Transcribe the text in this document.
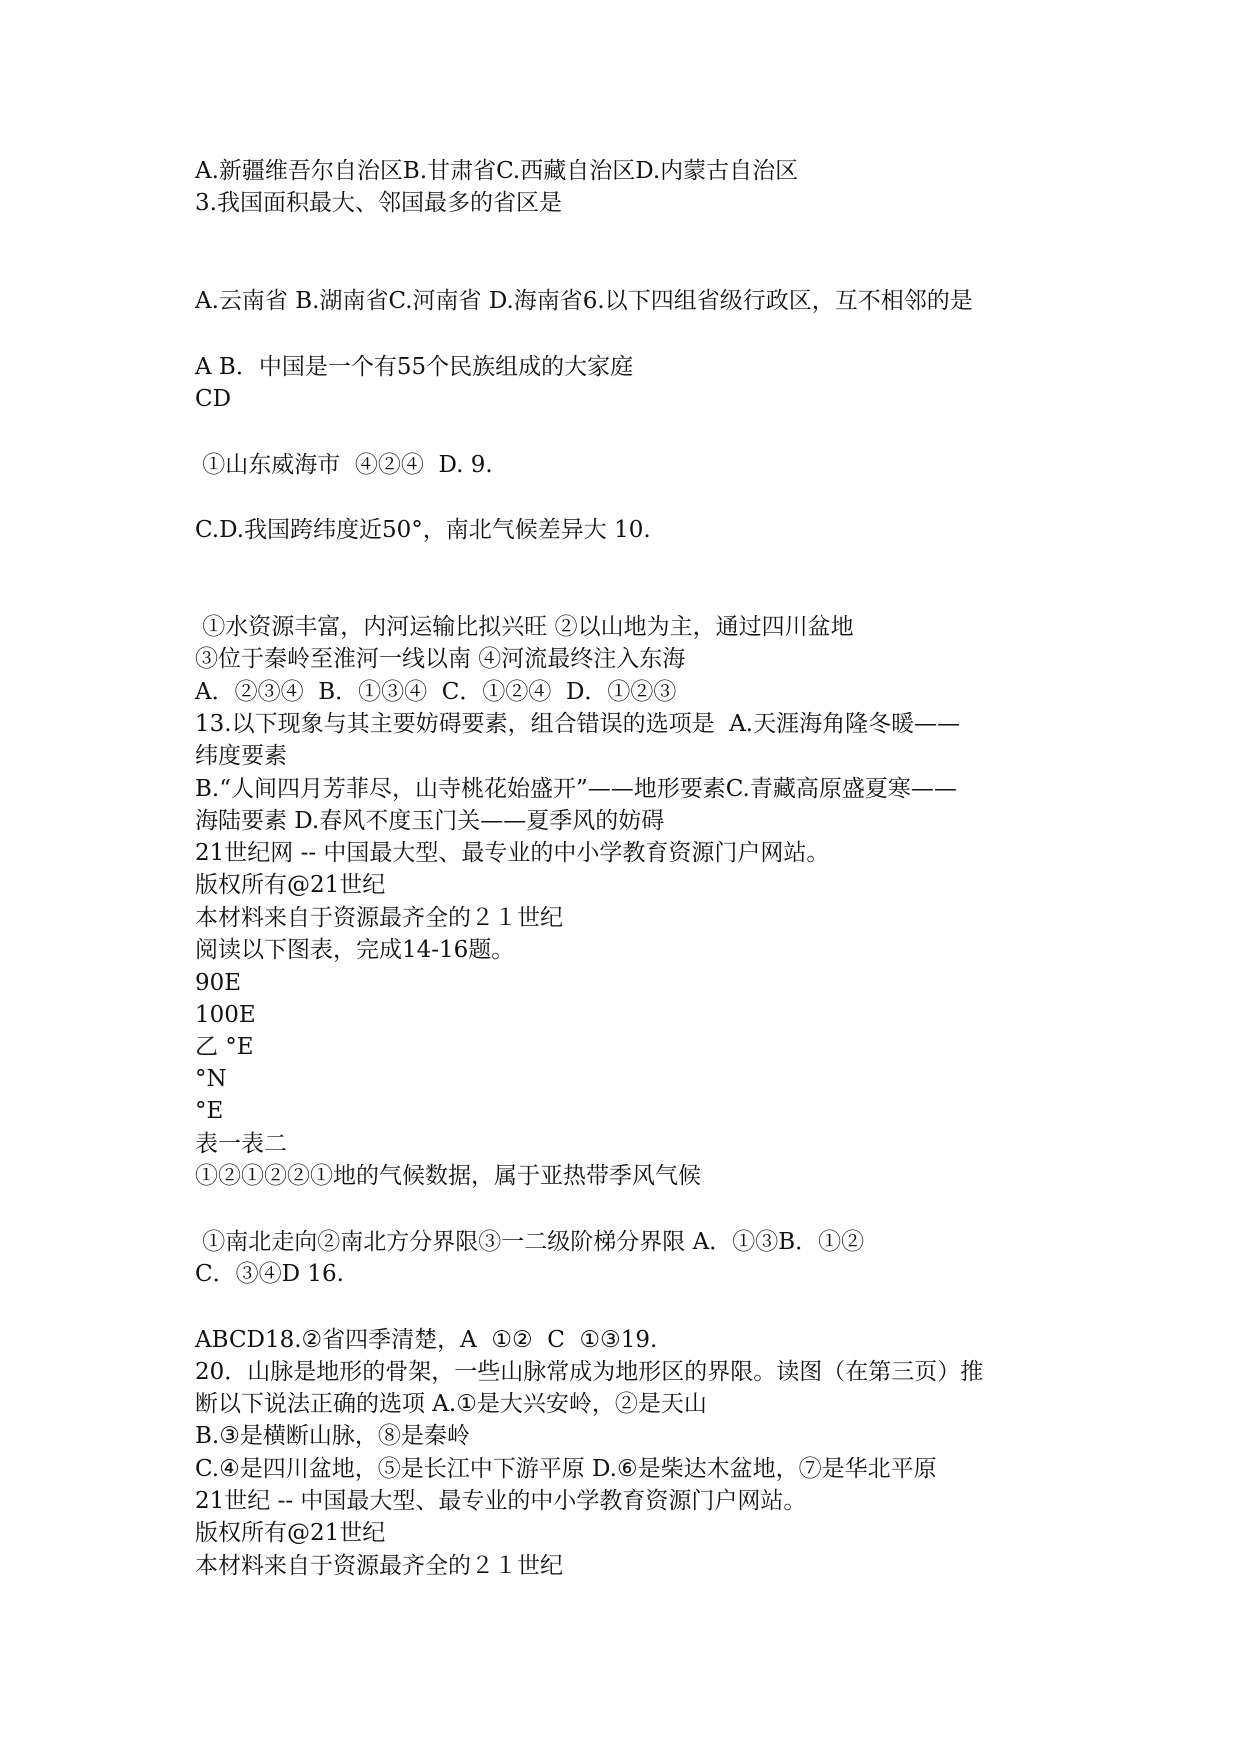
A.新疆维吾尔自治区B.甘肃省C.西藏自治区D.内蒙古自治区

3.我国面积最大、邻国最多的省区是

A.云南省 B.湖南省C.河南省 D.海南省6.以下四组省级行政区，互不相邻的是

A B．中国是一个有55个民族组成的大家庭

CD

①山东威海市  ④②④  D. 9.

C.D.我国跨纬度近50°，南北气候差异大 10.

①水资源丰富，内河运输比拟兴旺 ②以山地为主，通过四川盆地

③位于秦岭至淮河一线以南 ④河流最终注入东海

A．②③④  B．①③④  C．①②④  D．①②③

13.以下现象与其主要妨碍要素，组合错误的选项是  A.天涯海角隆冬暖——

纬度要素

B.“人间四月芳菲尽，山寺桃花始盛开”——地形要素C.青藏高原盛夏寒——

海陆要素 D.春风不度玉门关——夏季风的妨碍

21世纪网 -- 中国最大型、最专业的中小学教育资源门户网站。

版权所有@21世纪

本材料来自于资源最齐全的２１世纪

阅读以下图表，完成14-16题。

90E

100E

乙 °E

°N

°E

表一表二

①②①②②①地的气候数据，属于亚热带季风气候

①南北走向②南北方分界限③一二级阶梯分界限 A．①③B．①②

C．③④D 16.

ABCD18.②省四季清楚，A  ①②  C  ①③19.

20．山脉是地形的骨架，一些山脉常成为地形区的界限。读图（在第三页）推

断以下说法正确的选项 A.①是大兴安岭，②是天山

B.③是横断山脉，⑧是秦岭

C.④是四川盆地，⑤是长江中下游平原 D.⑥是柴达木盆地，⑦是华北平原

21世纪 -- 中国最大型、最专业的中小学教育资源门户网站。

版权所有@21世纪

本材料来自于资源最齐全的２１世纪
